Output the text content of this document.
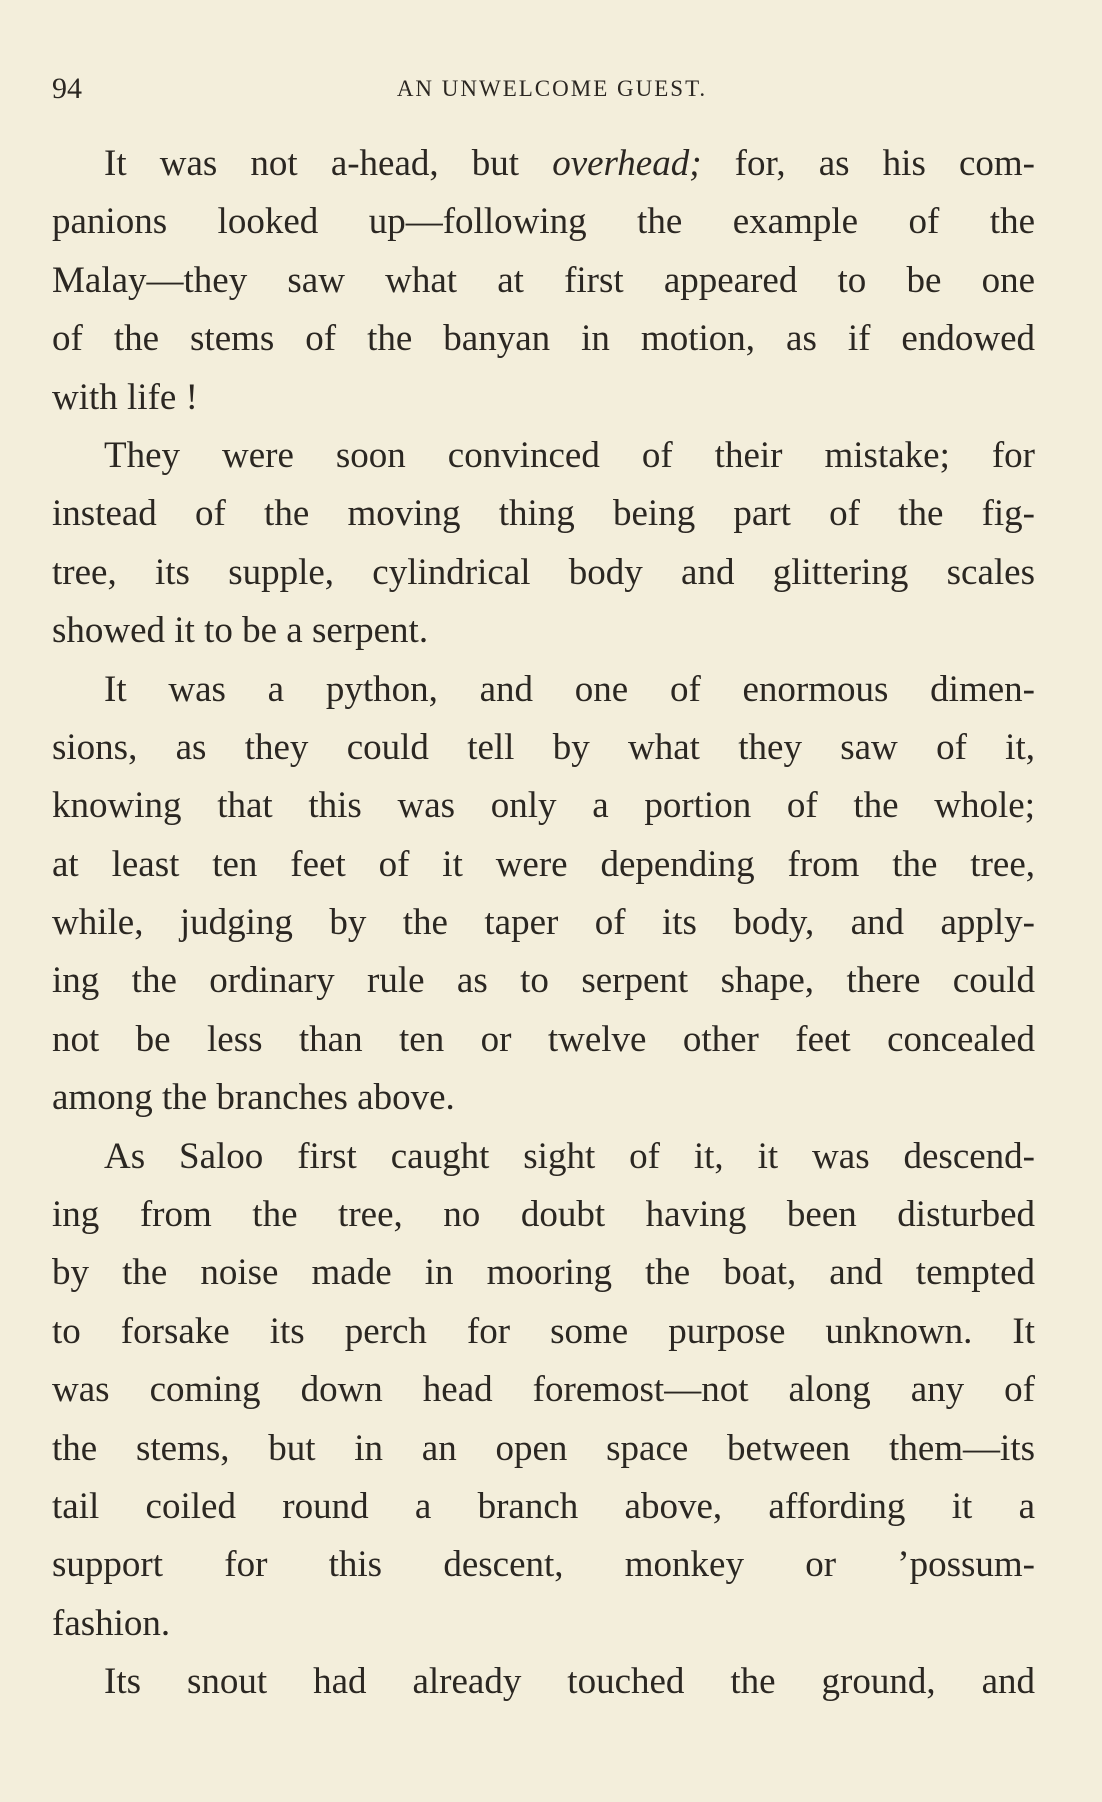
94	AN UNWELCOME GUEST.
It was not a-head, but overhead; for, as his com-
panions looked up—following the example of the
Malay—they saw what at first appeared to be one
of the stems of the banyan in motion, as if endowed
with life !
They were soon convinced of their mistake; for
instead of the moving thing being part of the fig-
tree, its supple, cylindrical body and glittering scales
showed it to be a serpent.
It was a python, and one of enormous dimen-
sions, as they could tell by what they saw of it,
knowing that this was only a portion of the whole;
at least ten feet of it were depending from the tree,
while, judging by the taper of its body, and apply-
ing the ordinary rule as to serpent shape, there could
not be less than ten or twelve other feet concealed
among the branches above.
As Saloo first caught sight of it, it was descend-
ing from the tree, no doubt having been disturbed
by the noise made in mooring the boat, and tempted
to forsake its perch for some purpose unknown. It
was coming down head foremost—not along any of
the stems, but in an open space between them—its
tail coiled round a branch above, affording it a
support for this descent, monkey or ’possum-
fashion.
Its snout had already touched the ground, and
